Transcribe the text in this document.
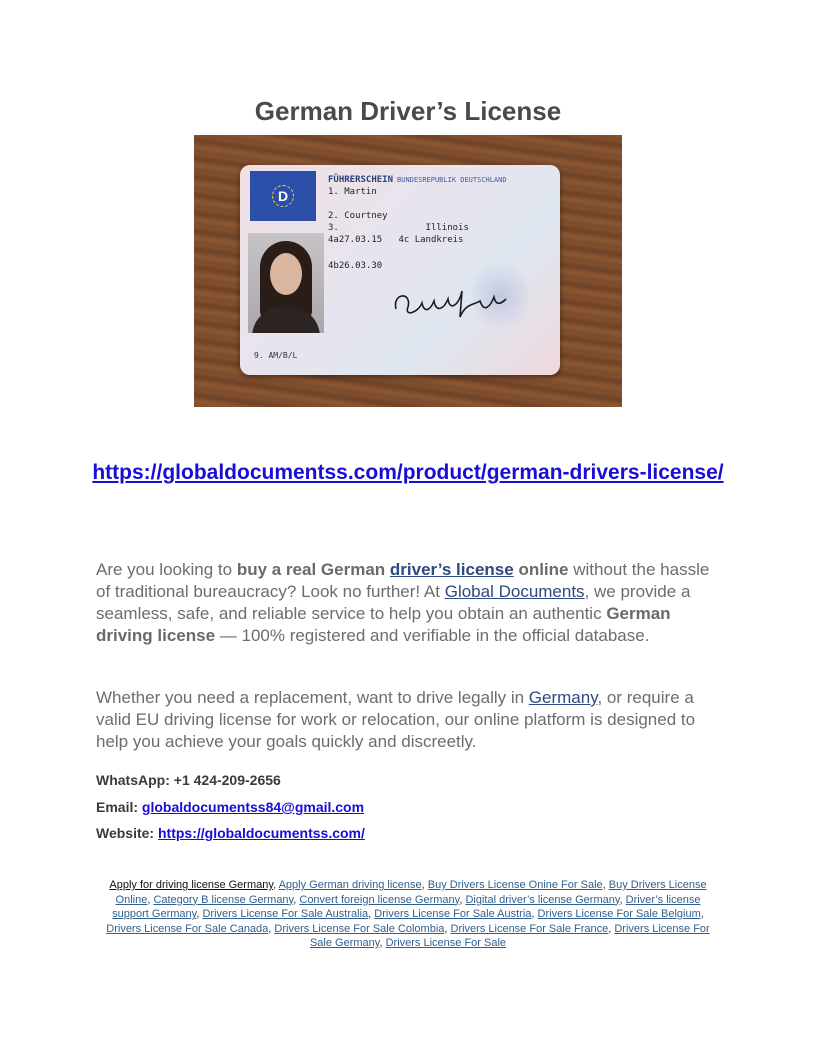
German Driver’s License
D
FÜHRERSCHEIN BUNDESREPUBLIK DEUTSCHLAND
1. Martin
2. Courtney
3.                Illinois
4a27.03.15   4c Landkreis
4b26.03.30
9. AM/B/L
https://globaldocumentss.com/product/german-drivers-license/

Are you looking to buy a real German driver’s license online without the hassle of traditional bureaucracy? Look no further! At Global Documents, we provide a seamless, safe, and reliable service to help you obtain an authentic German driving license — 100% registered and verifiable in the official database.

Whether you need a replacement, want to drive legally in Germany, or require a valid EU driving license for work or relocation, our online platform is designed to help you achieve your goals quickly and discreetly.

WhatsApp: +1 424-209-2656
Email: globaldocumentss84@gmail.com
Website: https://globaldocumentss.com/
Apply for driving license Germany, Apply German driving license, Buy Drivers License Onine For Sale, Buy Drivers License Online, Category B license Germany, Convert foreign license Germany, Digital driver’s license Germany, Driver’s license support Germany, Drivers License For Sale Australia, Drivers License For Sale Austria, Drivers License For Sale Belgium, Drivers License For Sale Canada, Drivers License For Sale Colombia, Drivers License For Sale France, Drivers License For Sale Germany, Drivers License For Sale
